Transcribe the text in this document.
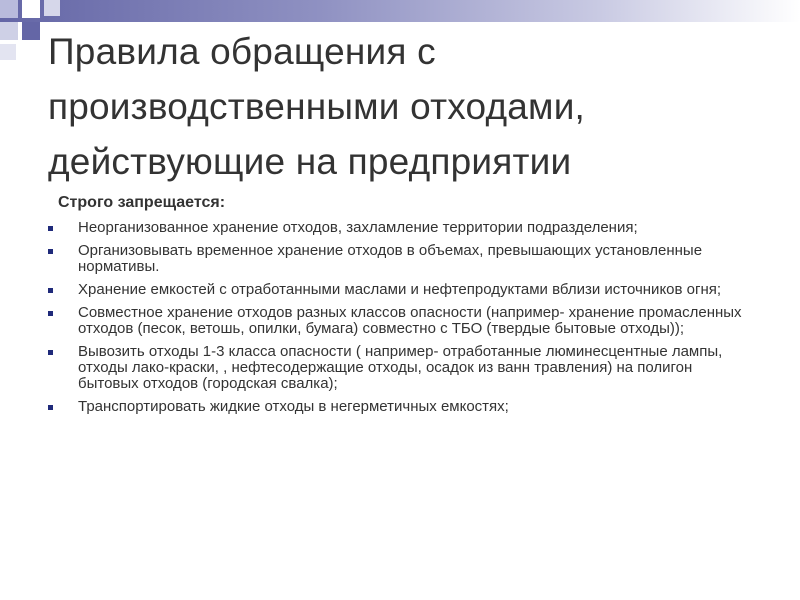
Правила обращения с производственными отходами, действующие на предприятии
Строго запрещается:
Неорганизованное хранение отходов, захламление территории подразделения;
Организовывать временное хранение отходов в объемах, превышающих установленные нормативы.
Хранение емкостей с отработанными маслами и нефтепродуктами вблизи источников огня;
Совместное хранение отходов разных классов опасности (например- хранение промасленных отходов (песок, ветошь, опилки, бумага) совместно с ТБО (твердые бытовые отходы));
Вывозить отходы 1-3 класса опасности ( например- отработанные люминесцентные лампы, отходы лако-краски, , нефтесодержащие отходы, осадок из ванн травления) на полигон бытовых отходов (городская свалка);
Транспортировать жидкие отходы в негерметичных емкостях;
